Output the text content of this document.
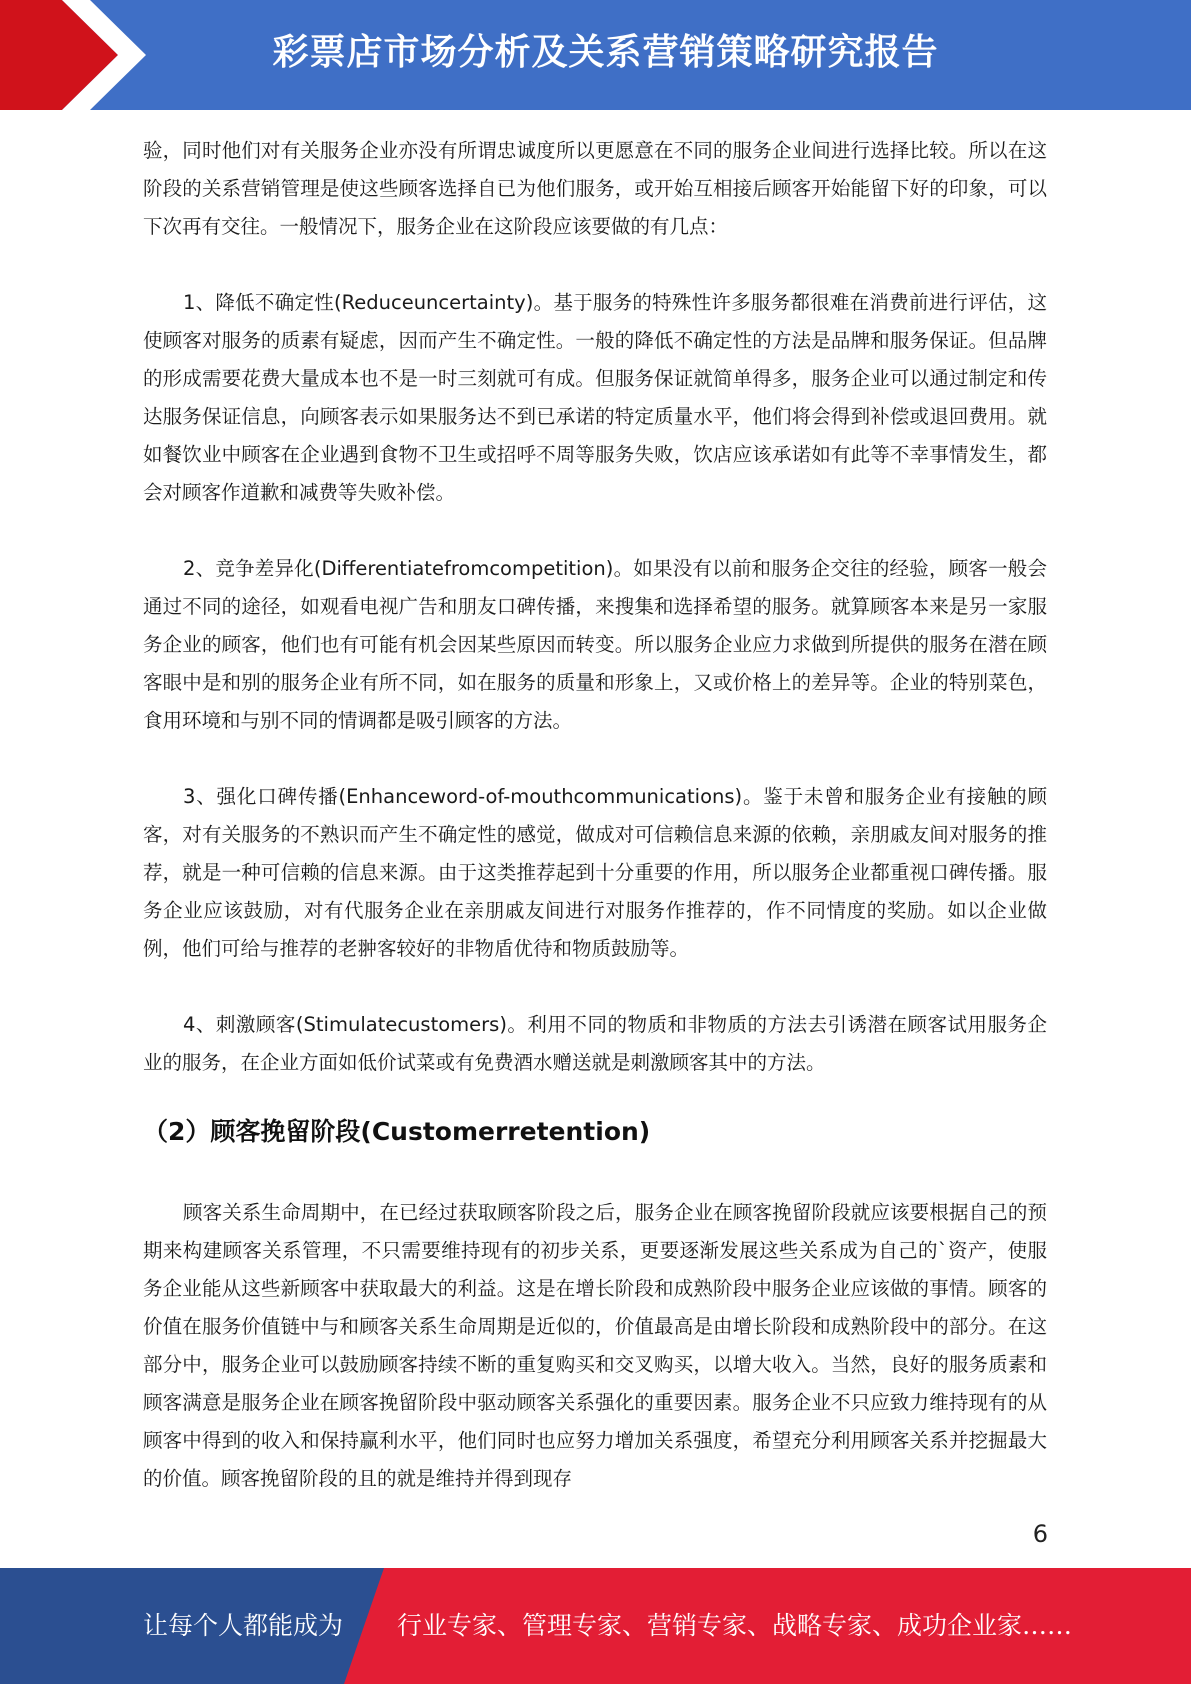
彩票店市场分析及关系营销策略研究报告

验，同时他们对有关服务企业亦没有所谓忠诚度所以更愿意在不同的服务企业间进行选择比较。所以在这阶段的关系营销管理是使这些顾客选择自已为他们服务，或开始互相接后顾客开始能留下好的印象，可以下次再有交往。一般情况下，服务企业在这阶段应该要做的有几点：

1、降低不确定性(Reduceuncertainty)。基于服务的特殊性许多服务都很难在消费前进行评估，这使顾客对服务的质素有疑虑，因而产生不确定性。一般的降低不确定性的方法是品牌和服务保证。但品牌的形成需要花费大量成本也不是一时三刻就可有成。但服务保证就简单得多，服务企业可以通过制定和传达服务保证信息，向顾客表示如果服务达不到已承诺的特定质量水平，他们将会得到补偿或退回费用。就如餐饮业中顾客在企业遇到食物不卫生或招呼不周等服务失败，饮店应该承诺如有此等不幸事情发生，都会对顾客作道歉和减费等失败补偿。

2、竞争差异化(Differentiatefromcompetition)。如果没有以前和服务企交往的经验，顾客一般会通过不同的途径，如观看电视广告和朋友口碑传播，来搜集和选择希望的服务。就算顾客本来是另一家服务企业的顾客，他们也有可能有机会因某些原因而转变。所以服务企业应力求做到所提供的服务在潜在顾客眼中是和别的服务企业有所不同，如在服务的质量和形象上，又或价格上的差异等。企业的特别菜色，食用环境和与别不同的情调都是吸引顾客的方法。

3、强化口碑传播(Enhanceword-of-mouthcommunications)。鉴于未曾和服务企业有接触的顾客，对有关服务的不熟识而产生不确定性的感觉，做成对可信赖信息来源的依赖，亲朋戚友间对服务的推荐，就是一种可信赖的信息来源。由于这类推荐起到十分重要的作用，所以服务企业都重视口碑传播。服务企业应该鼓励，对有代服务企业在亲朋戚友间进行对服务作推荐的，作不同情度的奖励。如以企业做例，他们可给与推荐的老翀客较好的非物盾优待和物质鼓励等。

4、刺激顾客(Stimulatecustomers)。利用不同的物质和非物质的方法去引诱潜在顾客试用服务企业的服务，在企业方面如低价试菜或有免费酒水赠送就是刺激顾客其中的方法。

（2）顾客挽留阶段(Customerretention)

顾客关系生命周期中，在已经过获取顾客阶段之后，服务企业在顾客挽留阶段就应该要根据自己的预期来构建顾客关系管理，不只需要维持现有的初步关系，更要逐渐发展这些关系成为自己的`资产，使服务企业能从这些新顾客中获取最大的利益。这是在增长阶段和成熟阶段中服务企业应该做的事情。顾客的价值在服务价值链中与和顾客关系生命周期是近似的，价值最高是由增长阶段和成熟阶段中的部分。在这部分中，服务企业可以鼓励顾客持续不断的重复购买和交叉购买，以增大收入。当然，良好的服务质素和顾客满意是服务企业在顾客挽留阶段中驱动顾客关系强化的重要因素。服务企业不只应致力维持现有的从顾客中得到的收入和保持赢利水平，他们同时也应努力增加关系强度，希望充分利用顾客关系并挖掘最大的价值。顾客挽留阶段的且的就是维持并得到现存

6
让每个人都能成为 行业专家、管理专家、营销专家、战略专家、成功企业家……
